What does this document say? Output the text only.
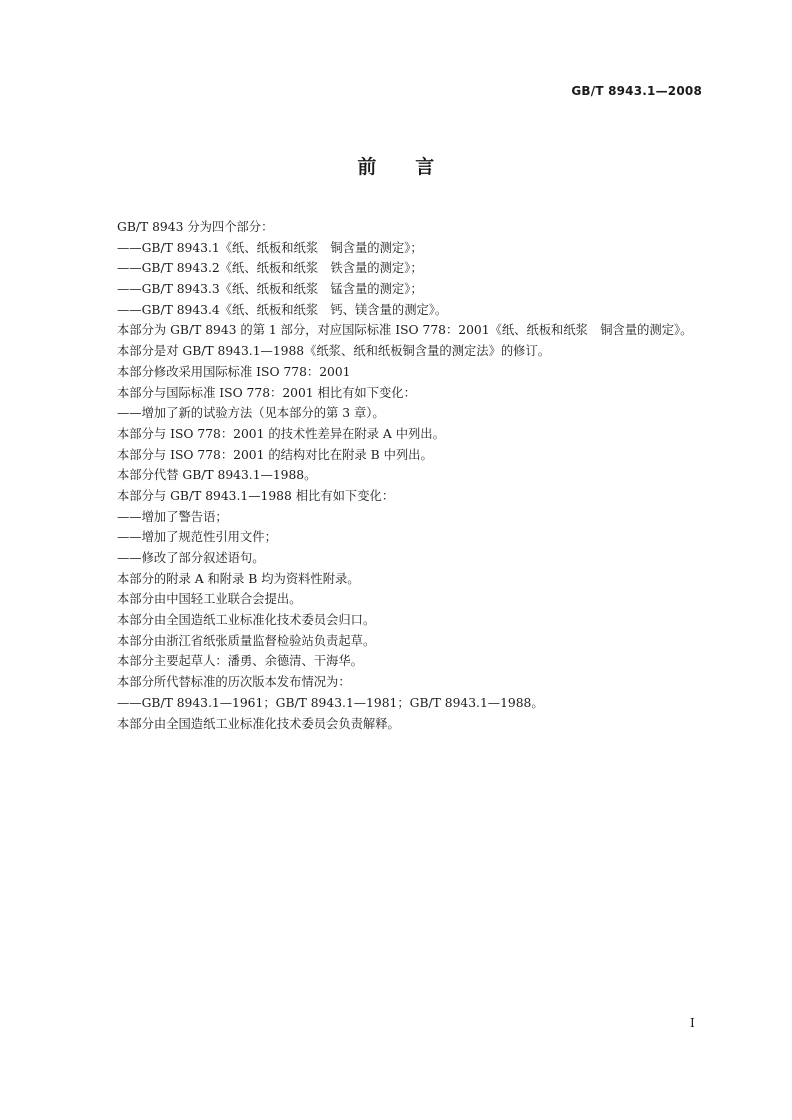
GB/T 8943.1—2008
前　　言
GB/T 8943 分为四个部分：
——GB/T 8943.1《纸、纸板和纸浆　铜含量的测定》；
——GB/T 8943.2《纸、纸板和纸浆　铁含量的测定》；
——GB/T 8943.3《纸、纸板和纸浆　锰含量的测定》；
——GB/T 8943.4《纸、纸板和纸浆　钙、镁含量的测定》。
本部分为 GB/T 8943 的第 1 部分，对应国际标准 ISO 778：2001《纸、纸板和纸浆　铜含量的测定》。
本部分是对 GB/T 8943.1—1988《纸浆、纸和纸板铜含量的测定法》的修订。
本部分修改采用国际标准 ISO 778：2001
本部分与国际标准 ISO 778：2001 相比有如下变化：
——增加了新的试验方法（见本部分的第 3 章）。
本部分与 ISO 778：2001 的技术性差异在附录 A 中列出。
本部分与 ISO 778：2001 的结构对比在附录 B 中列出。
本部分代替 GB/T 8943.1—1988。
本部分与 GB/T 8943.1—1988 相比有如下变化：
——增加了警告语；
——增加了规范性引用文件；
——修改了部分叙述语句。
本部分的附录 A 和附录 B 均为资料性附录。
本部分由中国轻工业联合会提出。
本部分由全国造纸工业标准化技术委员会归口。
本部分由浙江省纸张质量监督检验站负责起草。
本部分主要起草人：潘勇、余德清、干海华。
本部分所代替标准的历次版本发布情况为：
——GB/T 8943.1—1961；GB/T 8943.1—1981；GB/T 8943.1—1988。
本部分由全国造纸工业标准化技术委员会负责解释。
I
